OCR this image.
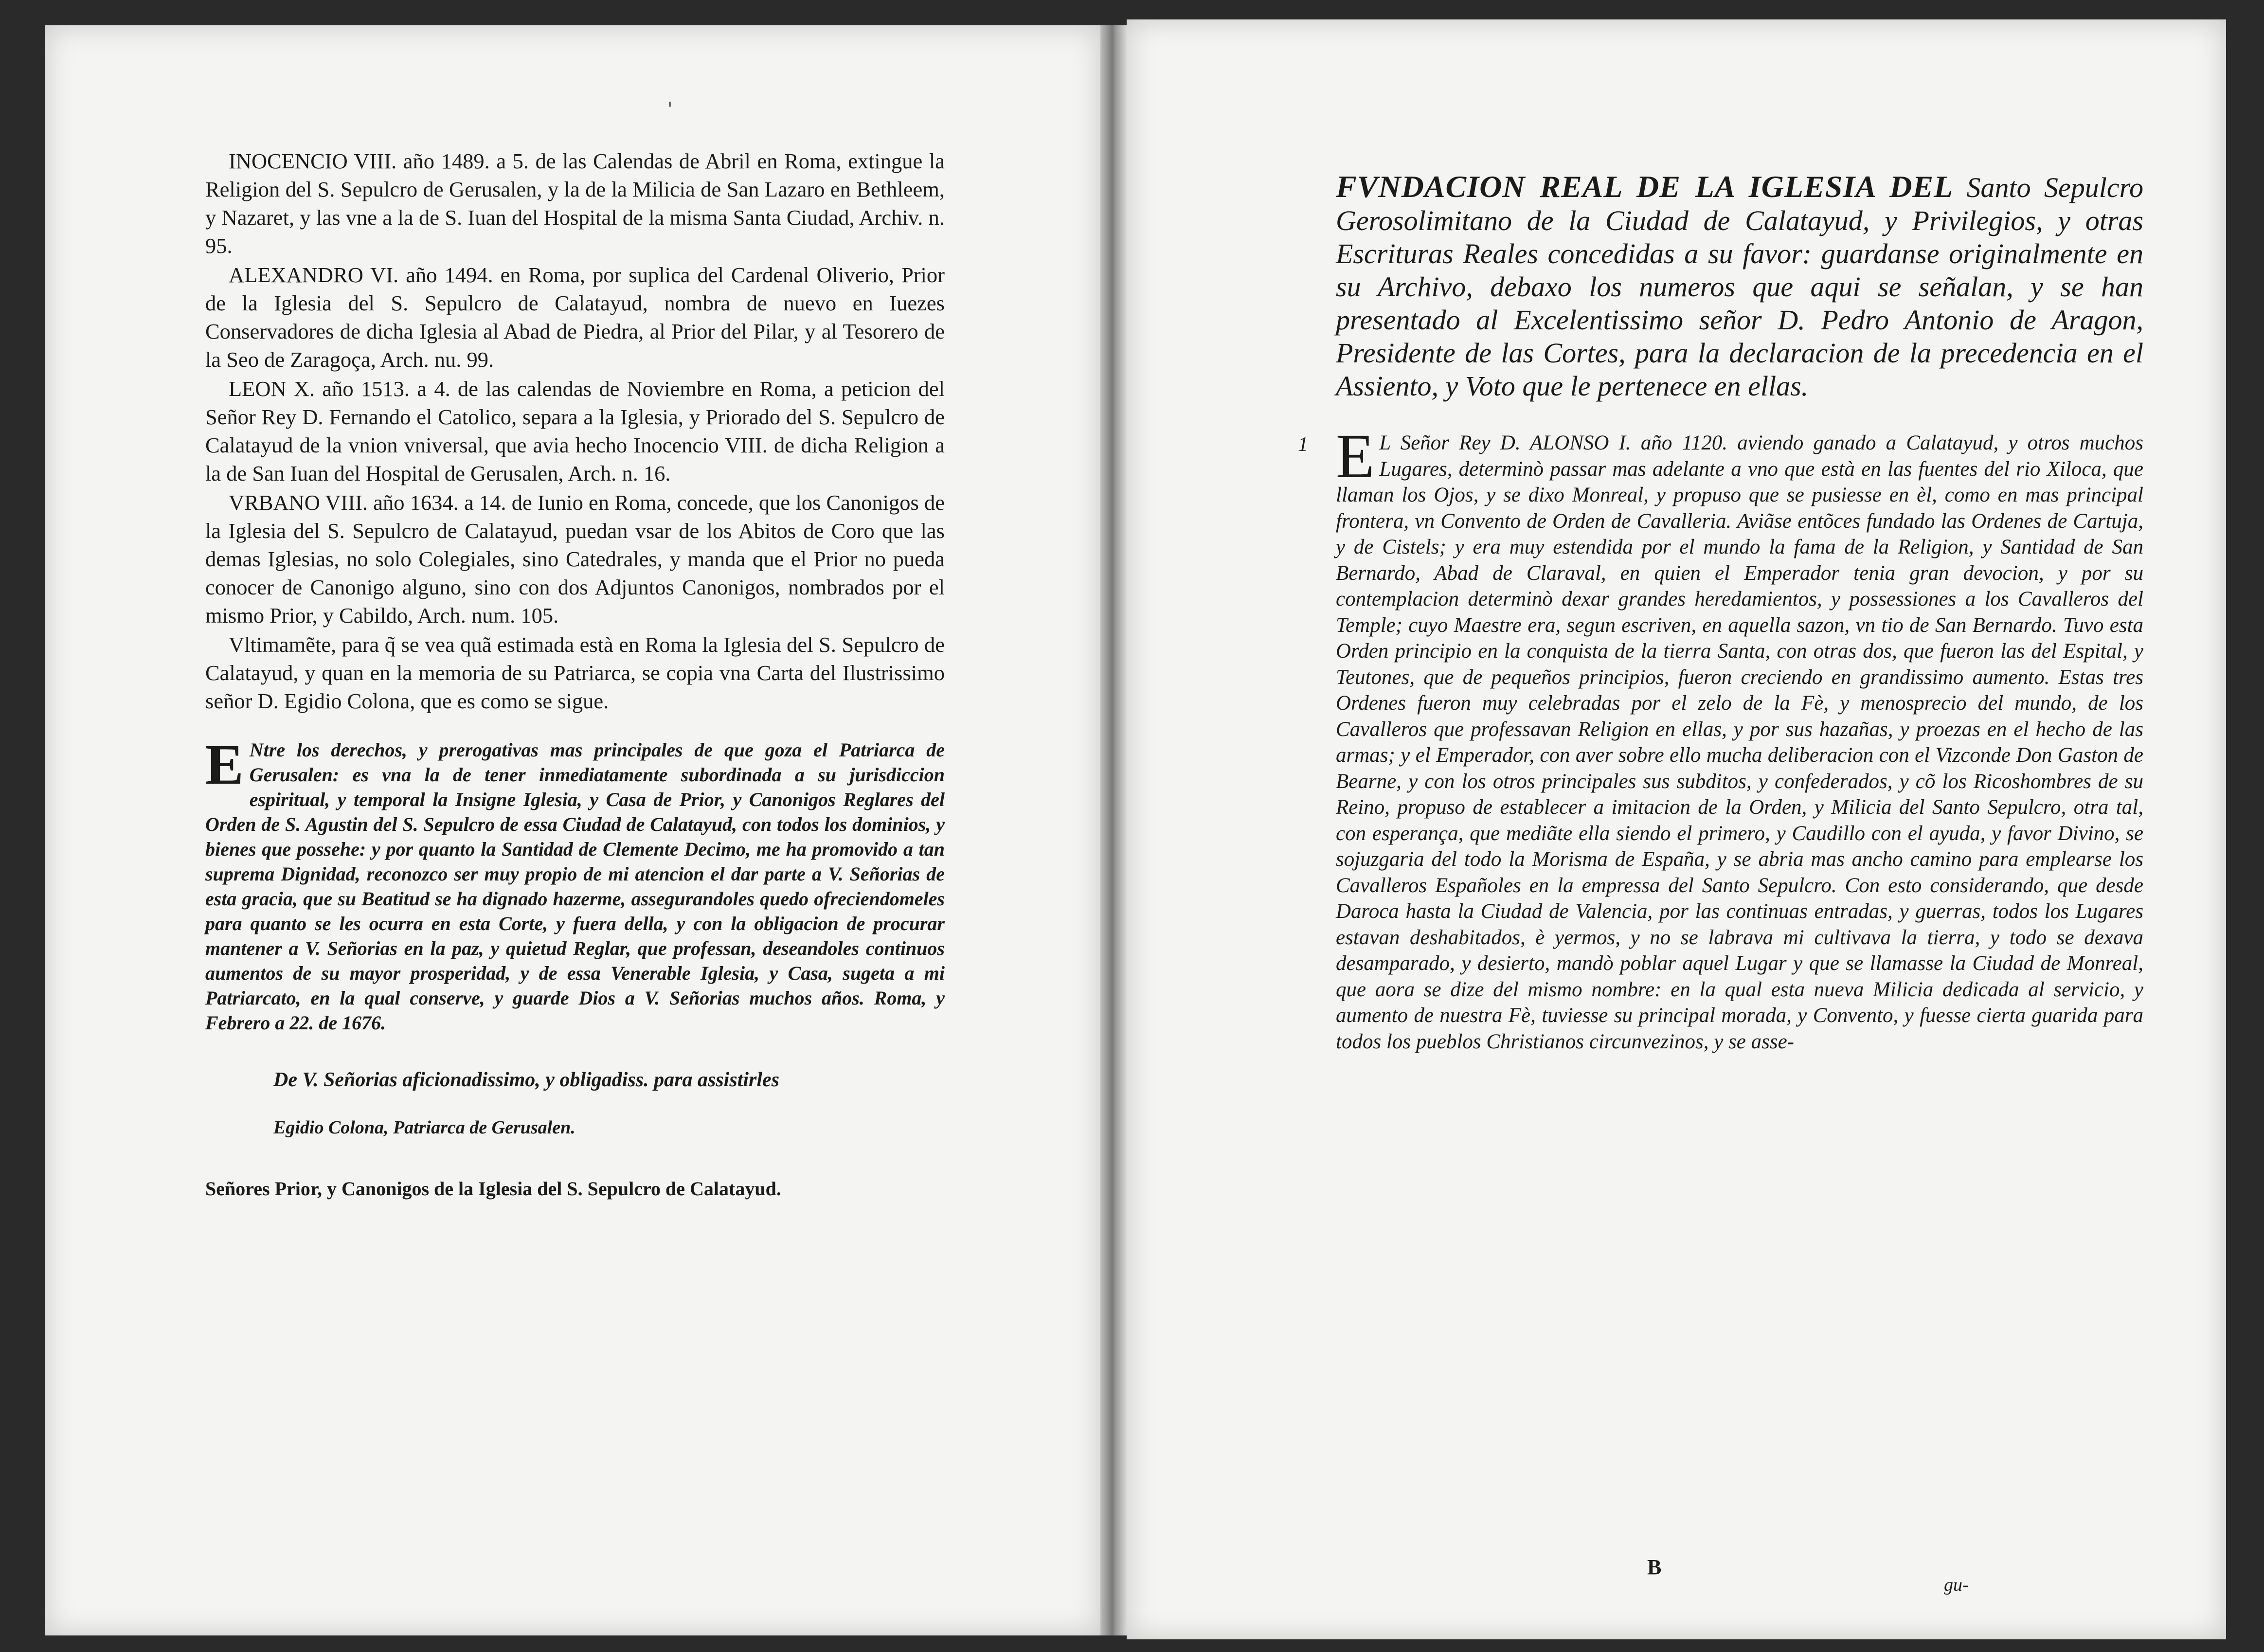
'

INOCENCIO VIII. año 1489. a 5. de las Calendas de Abril en Roma, extingue la Religion del S. Sepulcro de Gerusalen, y la de la Milicia de San Lazaro en Bethleem, y Nazaret, y las vne a la de S. Iuan del Hospital de la misma Santa Ciudad, Archiv. n. 95.

ALEXANDRO VI. año 1494. en Roma, por suplica del Cardenal Oliverio, Prior de la Iglesia del S. Sepulcro de Calatayud, nombra de nuevo en Iuezes Conservadores de dicha Iglesia al Abad de Piedra, al Prior del Pilar, y al Tesorero de la Seo de Zaragoça, Arch. nu. 99.

LEON X. año 1513. a 4. de las calendas de Noviembre en Roma, a peticion del Señor Rey D. Fernando el Catolico, separa a la Iglesia, y Priorado del S. Sepulcro de Calatayud de la vnion vniversal, que avia hecho Inocencio VIII. de dicha Religion a la de San Iuan del Hospital de Gerusalen, Arch. n. 16.

VRBANO VIII. año 1634. a 14. de Iunio en Roma, concede, que los Canonigos de la Iglesia del S. Sepulcro de Calatayud, puedan vsar de los Abitos de Coro que las demas Iglesias, no solo Colegiales, sino Catedrales, y manda que el Prior no pueda conocer de Canonigo alguno, sino con dos Adjuntos Canonigos, nombrados por el mismo Prior, y Cabildo, Arch. num. 105.

Vltimamẽte, para q̃ se vea quã estimada està en Roma la Iglesia del S. Sepulcro de Calatayud, y quan en la memoria de su Patriarca, se copia vna Carta del Ilustrissimo señor D. Egidio Colona, que es como se sigue.

E Ntre los derechos, y prerogativas mas principales de que goza el Patriarca de Gerusalen: es vna la de tener inmediatamente subordinada a su jurisdiccion espiritual, y temporal la Insigne Iglesia, y Casa de Prior, y Canonigos Reglares del Orden de S. Agustin del S. Sepulcro de essa Ciudad de Calatayud, con todos los dominios, y bienes que possehe: y por quanto la Santidad de Clemente Decimo, me ha promovido a tan suprema Dignidad, reconozco ser muy propio de mi atencion el dar parte a V. Señorias de esta gracia, que su Beatitud se ha dignado hazerme, assegurandoles quedo ofreciendomeles para quanto se les ocurra en esta Corte, y fuera della, y con la obligacion de procurar mantener a V. Señorias en la paz, y quietud Reglar, que professan, deseandoles continuos aumentos de su mayor prosperidad, y de essa Venerable Iglesia, y Casa, sugeta a mi Patriarcato, en la qual conserve, y guarde Dios a V. Señorias muchos años. Roma, y Febrero a 22. de 1676.

De V. Señorias aficionadissimo, y obligadiss. para assistirles

Egidio Colona, Patriarca de Gerusalen.

Señores Prior, y Canonigos de la Iglesia del S. Sepulcro de Calatayud.

FVNDACION REAL DE LA IGLESIA DEL Santo Sepulcro Gerosolimitano de la Ciudad de Calatayud, y Privilegios, y otras Escrituras Reales concedidas a su favor: guardanse originalmente en su Archivo, debaxo los numeros que aqui se señalan, y se han presentado al Excelentissimo señor D. Pedro Antonio de Aragon, Presidente de las Cortes, para la declaracion de la precedencia en el Assiento, y Voto que le pertenece en ellas.

1 E L Señor Rey D. ALONSO I. año 1120. aviendo ganado a Calatayud, y otros muchos Lugares, determinò passar mas adelante a vno que està en las fuentes del rio Xiloca, que llaman los Ojos, y se dixo Monreal, y propuso que se pusiesse en èl, como en mas principal frontera, vn Convento de Orden de Cavalleria. Aviãse entõces fundado las Ordenes de Cartuja, y de Cistels; y era muy estendida por el mundo la fama de la Religion, y Santidad de San Bernardo, Abad de Claraval, en quien el Emperador tenia gran devocion, y por su contemplacion determinò dexar grandes heredamientos, y possessiones a los Cavalleros del Temple; cuyo Maestre era, segun escriven, en aquella sazon, vn tio de San Bernardo. Tuvo esta Orden principio en la conquista de la tierra Santa, con otras dos, que fueron las del Espital, y Teutones, que de pequeños principios, fueron creciendo en grandissimo aumento. Estas tres Ordenes fueron muy celebradas por el zelo de la Fè, y menosprecio del mundo, de los Cavalleros que professavan Religion en ellas, y por sus hazañas, y proezas en el hecho de las armas; y el Emperador, con aver sobre ello mucha deliberacion con el Vizconde Don Gaston de Bearne, y con los otros principales sus subditos, y confederados, y cõ los Ricoshombres de su Reino, propuso de establecer a imitacion de la Orden, y Milicia del Santo Sepulcro, otra tal, con esperança, que mediãte ella siendo el primero, y Caudillo con el ayuda, y favor Divino, se sojuzgaria del todo la Morisma de España, y se abria mas ancho camino para emplearse los Cavalleros Españoles en la empressa del Santo Sepulcro. Con esto considerando, que desde Daroca hasta la Ciudad de Valencia, por las continuas entradas, y guerras, todos los Lugares estavan deshabitados, è yermos, y no se labrava mi cultivava la tierra, y todo se dexava desamparado, y desierto, mandò poblar aquel Lugar y que se llamasse la Ciudad de Monreal, que aora se dize del mismo nombre: en la qual esta nueva Milicia dedicada al servicio, y aumento de nuestra Fè, tuviesse su principal morada, y Convento, y fuesse cierta guarida para todos los pueblos Christianos circunvezinos, y se asse-
B
gu-
